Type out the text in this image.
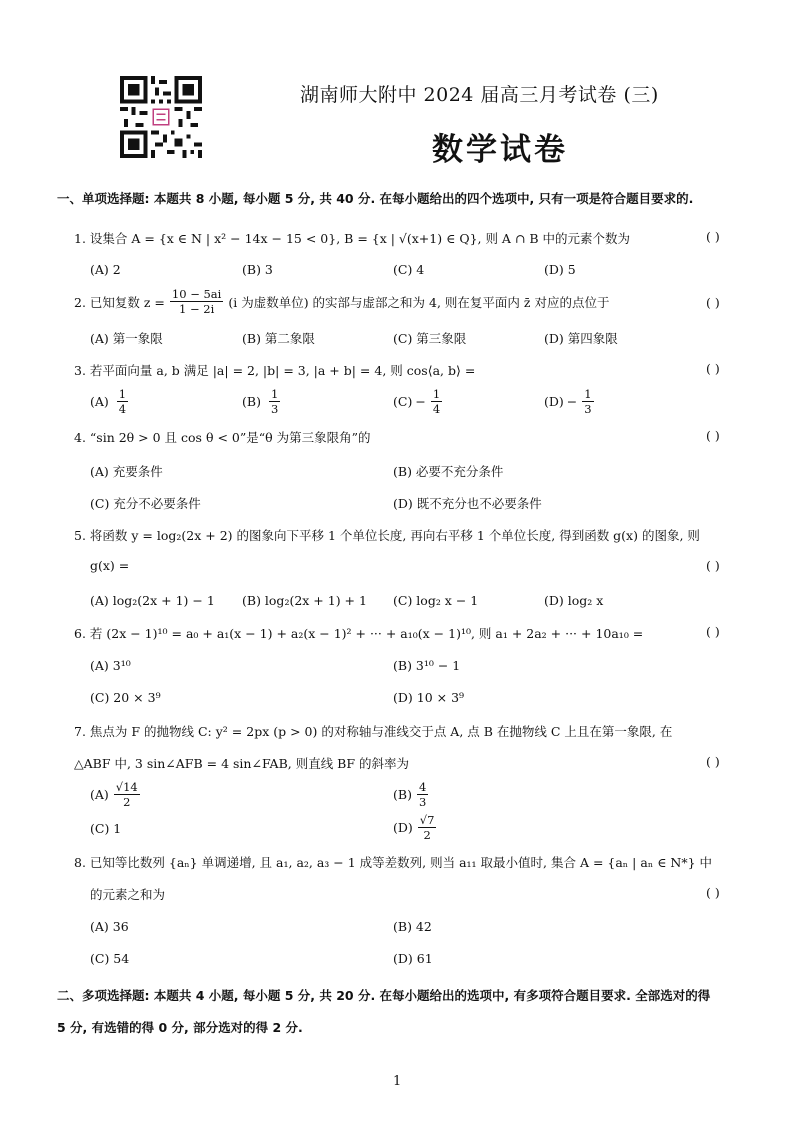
湖南师大附中 2024 届高三月考试卷 (三)
数学试卷
一、单项选择题: 本题共 8 小题, 每小题 5 分, 共 40 分. 在每小题给出的四个选项中, 只有一项是符合题目要求的.
1. 设集合 A = {x ∈ N | x² − 14x − 15 < 0}, B = {x | √(x+1) ∈ Q}, 则 A ∩ B 中的元素个数为	( )
(A) 2	(B) 3	(C) 4	(D) 5
2. 已知复数 $z = \frac{10 - 5ai}{1 - 2i} (i$ 为虚数单位) 的实部与虚部之和为 4, 则在复平面内 z̄ 对应的点位于	( )
(A) 第一象限	(B) 第二象限	(C) 第三象限	(D) 第四象限
3. 若平面向量 a, b 满足 |a| = 2, |b| = 3, |a + b| = 4, 则 cos⟨a, b⟩ =	( )
$(A) \frac{1}{4}$	$(B) \frac{1}{3}$	$(C) - \frac{1}{4}$	$(D) - \frac{1}{3}$
4. “sin 2θ > 0 且 cos θ < 0”是“θ 为第三象限角”的	( )
(A) 充要条件	(B) 必要不充分条件
(C) 充分不必要条件	(D) 既不充分也不必要条件
5. 将函数 y = log₂(2x + 2) 的图象向下平移 1 个单位长度, 再向右平移 1 个单位长度, 得到函数 g(x) 的图象, 则
g(x) =	( )
(A) log₂(2x + 1) − 1 (B) log₂(2x + 1) + 1 (C) log₂ x − 1	(D) log₂ x
6. 若 (2x − 1)¹⁰ = a₀ + a₁(x − 1) + a₂(x − 1)² + ··· + a₁₀(x − 1)¹⁰, 则 a₁ + 2a₂ + ··· + 10a₁₀ =	( )
(A) 3¹⁰	(B) 3¹⁰ − 1
(C) 20 × 3⁹	(D) 10 × 3⁹
7. 焦点为 F 的抛物线 C: y² = 2px (p > 0) 的对称轴与准线交于点 A, 点 B 在抛物线 C 上且在第一象限, 在
△ABF 中, 3 sin∠AFB = 4 sin∠FAB, 则直线 BF 的斜率为	( )
$(A) \frac{√14}{2}$	$(B) \frac{4}{3}$
(C) 1	$(D) \frac{√7}{2}$
8. 已知等比数列 {aₙ} 单调递增, 且 a₁, a₂, a₃ − 1 成等差数列, 则当 a₁₁ 取最小值时, 集合 A = {aₙ | aₙ ∈ N*} 中
的元素之和为	( )
(A) 36	(B) 42
(C) 54	(D) 61
二、多项选择题: 本题共 4 小题, 每小题 5 分, 共 20 分. 在每小题给出的选项中, 有多项符合题目要求. 全部选对的得
5 分, 有选错的得 0 分, 部分选对的得 2 分.
1
